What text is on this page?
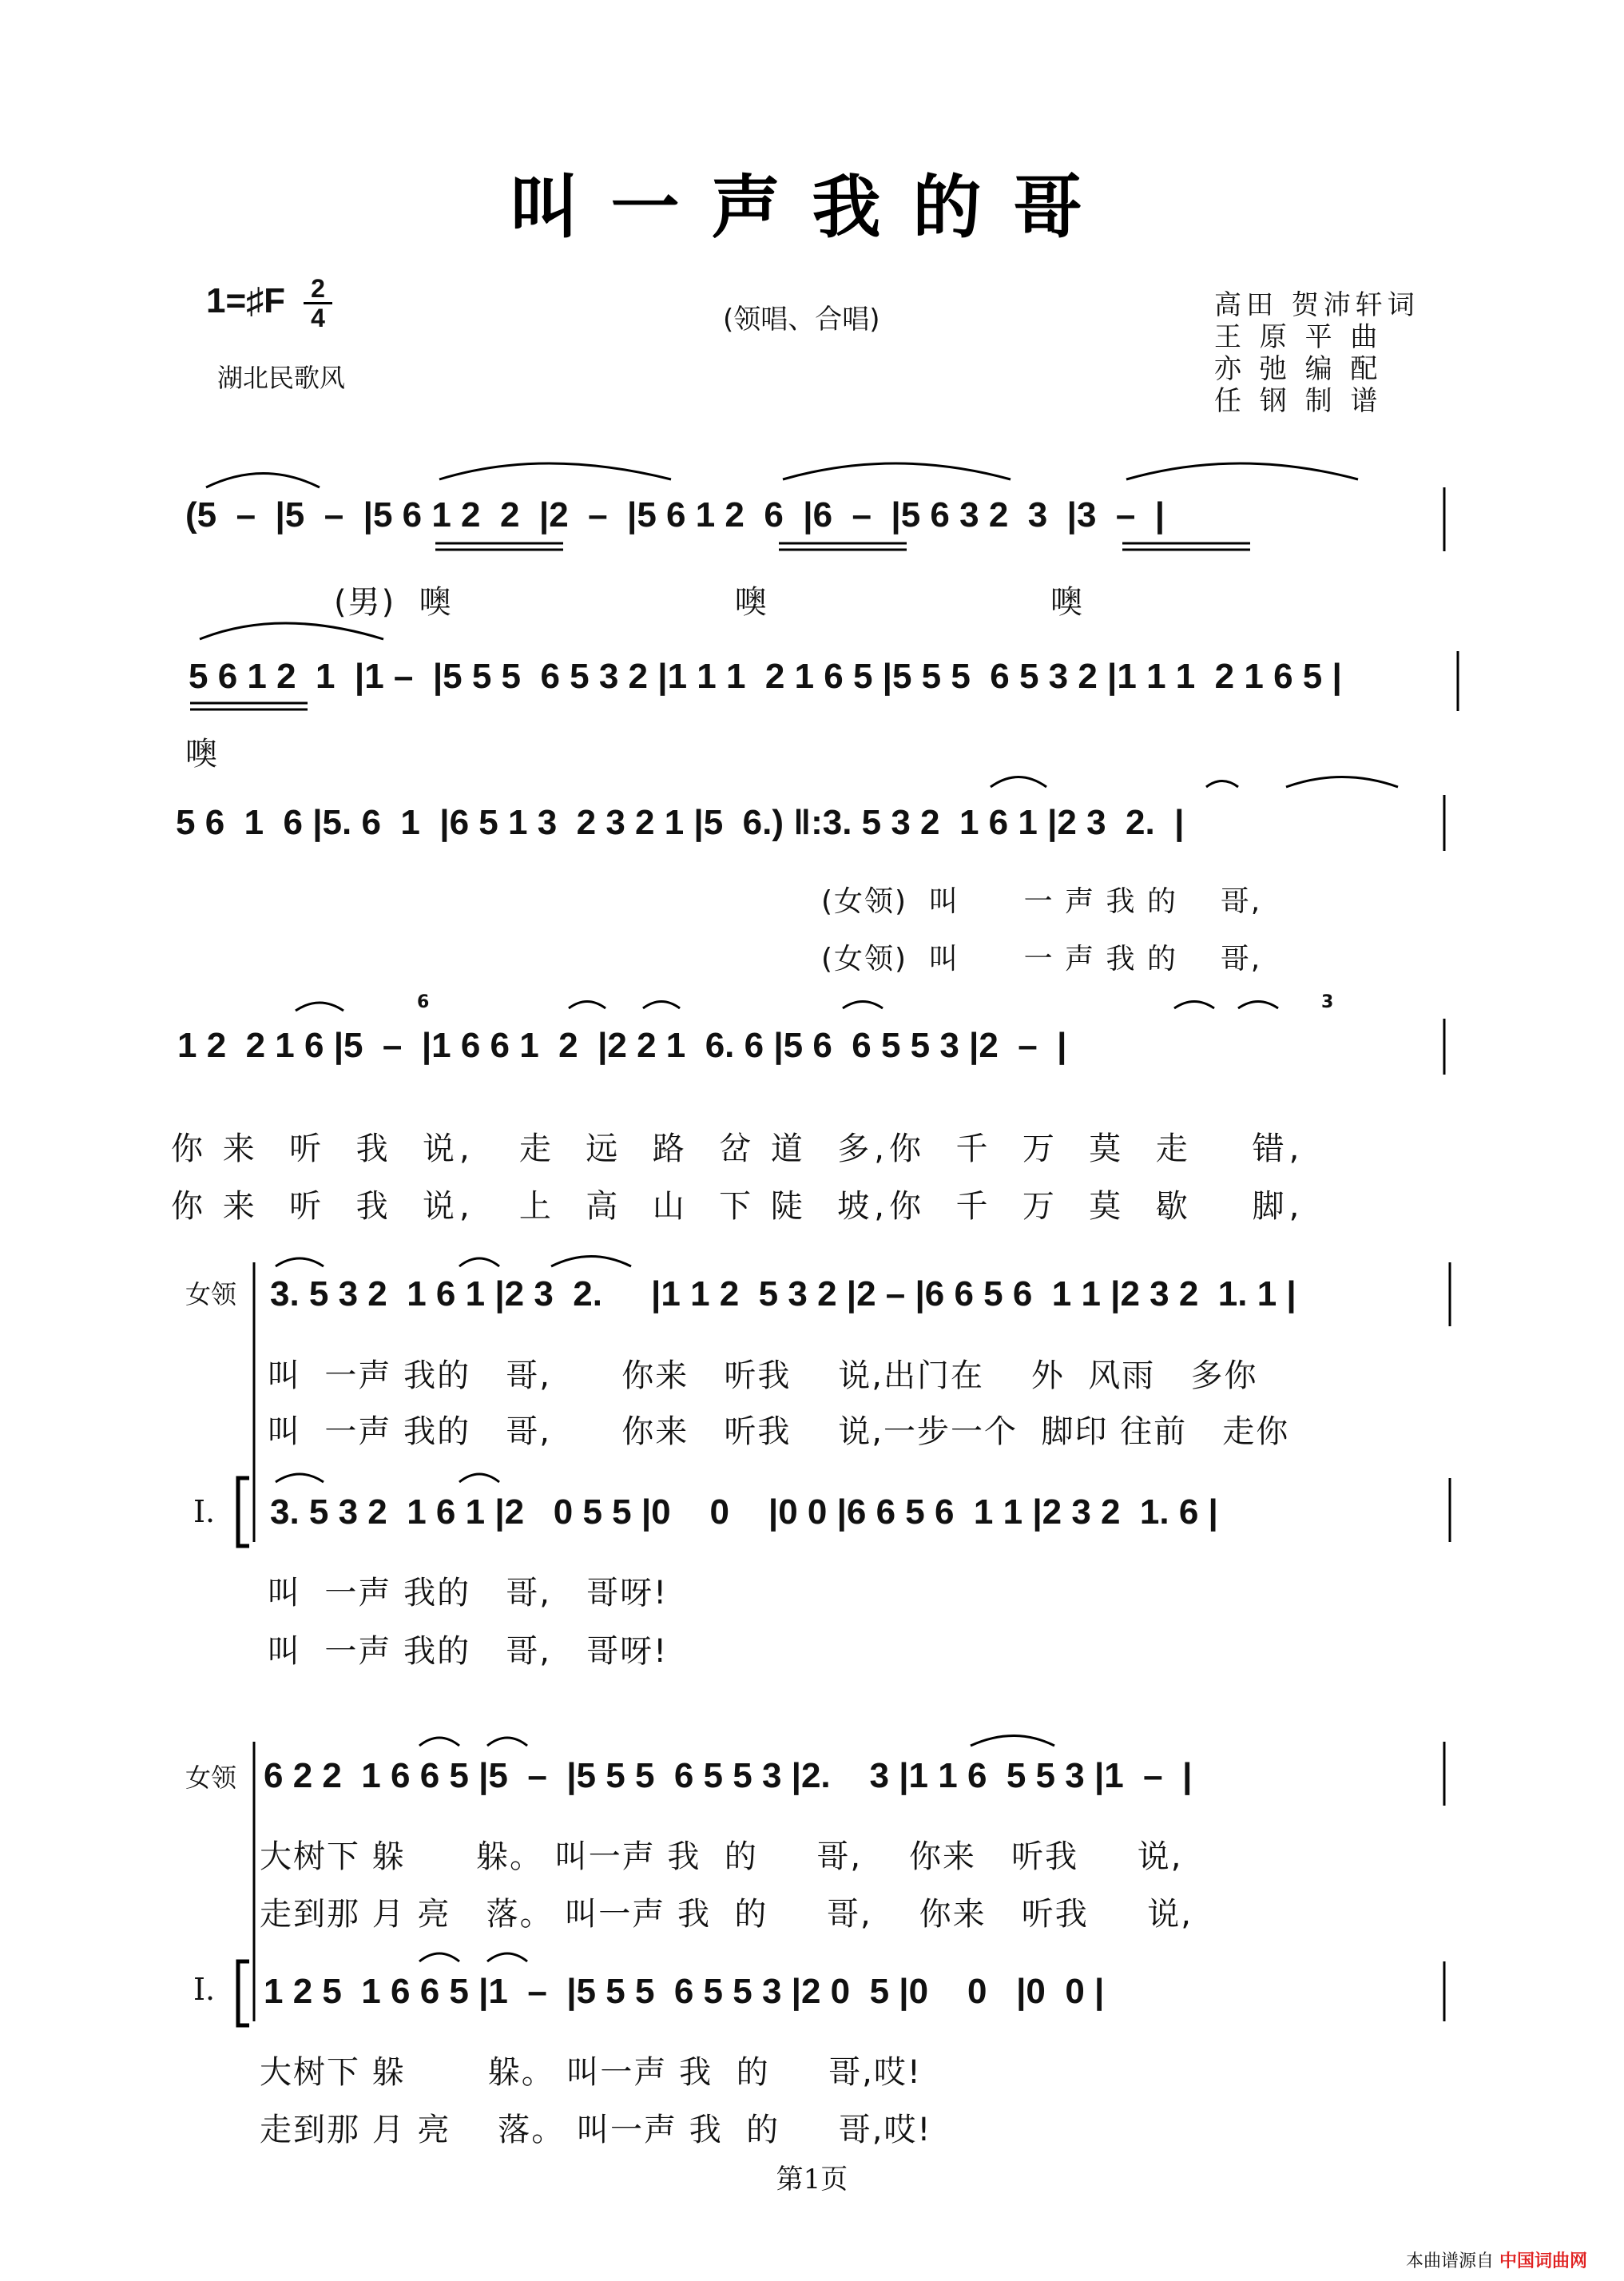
叫一声我的哥
1=♯F 2
4
湖北民歌风
(领唱、合唱)	高田 贺沛轩词
王 原 平 曲
亦 弛 编 配
任 钢 制 谱
(5  –  |5  –  |5 6 1 2  2  |2  –  |5 6 1 2  6  |6  –  |5 6 3 2  3  |3  –  |
(男)  噢                        噢                        噢
5 6 1 2  1  |1 –  |5 5 5  6 5 3 2 |1 1 1  2 1 6 5 |5 5 5  6 5 3 2 |1 1 1  2 1 6 5 |
噢
5 6  1  6 |5. 6  1  |6 5 1 3  2 3 2 1 |5  6.) ‖:3. 5 3 2  1 6 1 |2 3  2.  |
(女领)  叫      一 声 我 的    哥,
(女领)  叫      一 声 我 的    哥,
1 2  2 1 6 |5  –  |1 6 6 1  2  |2 2 1  6. 6 |5 6  6 5 5 3 |2  –  |
6	3
你 来  听  我  说,   走  远  路  岔 道  多,你  千  万  莫  走    错,
你 来  听  我  说,   上  高  山  下 陡  坡,你  千  万  莫  歇    脚,
女领 3. 5 3 2  1 6 1 |2 3  2.     |1 1 2  5 3 2 |2 – |6 6 5 6  1 1 |2 3 2  1. 1 |
叫  一声 我的   哥,      你来   听我    说,出门在    外  风雨   多你
叫  一声 我的   哥,      你来   听我    说,一步一个  脚印 往前   走你
I. 3. 5 3 2  1 6 1 |2   0 5 5 |0    0    |0 0 |6 6 5 6  1 1 |2 3 2  1. 6 |
叫  一声 我的   哥,   哥呀!
叫  一声 我的   哥,   哥呀!
女领 6 2 2  1 6 6 5 |5  –  |5 5 5  6 5 5 3 |2.    3 |1 1 6  5 5 3 |1  –  |
大树下 躲      躲。 叫一声 我  的     哥,    你来   听我     说,
走到那 月 亮   落。 叫一声 我  的     哥,    你来   听我     说,
I. 1 2 5  1 6 6 5 |1  –  |5 5 5  6 5 5 3 |2 0  5 |0    0   |0  0 |
大树下 躲       躲。 叫一声 我  的     哥,哎!
走到那 月 亮    落。 叫一声 我  的     哥,哎!
第1页
本曲谱源自 中国词曲网
